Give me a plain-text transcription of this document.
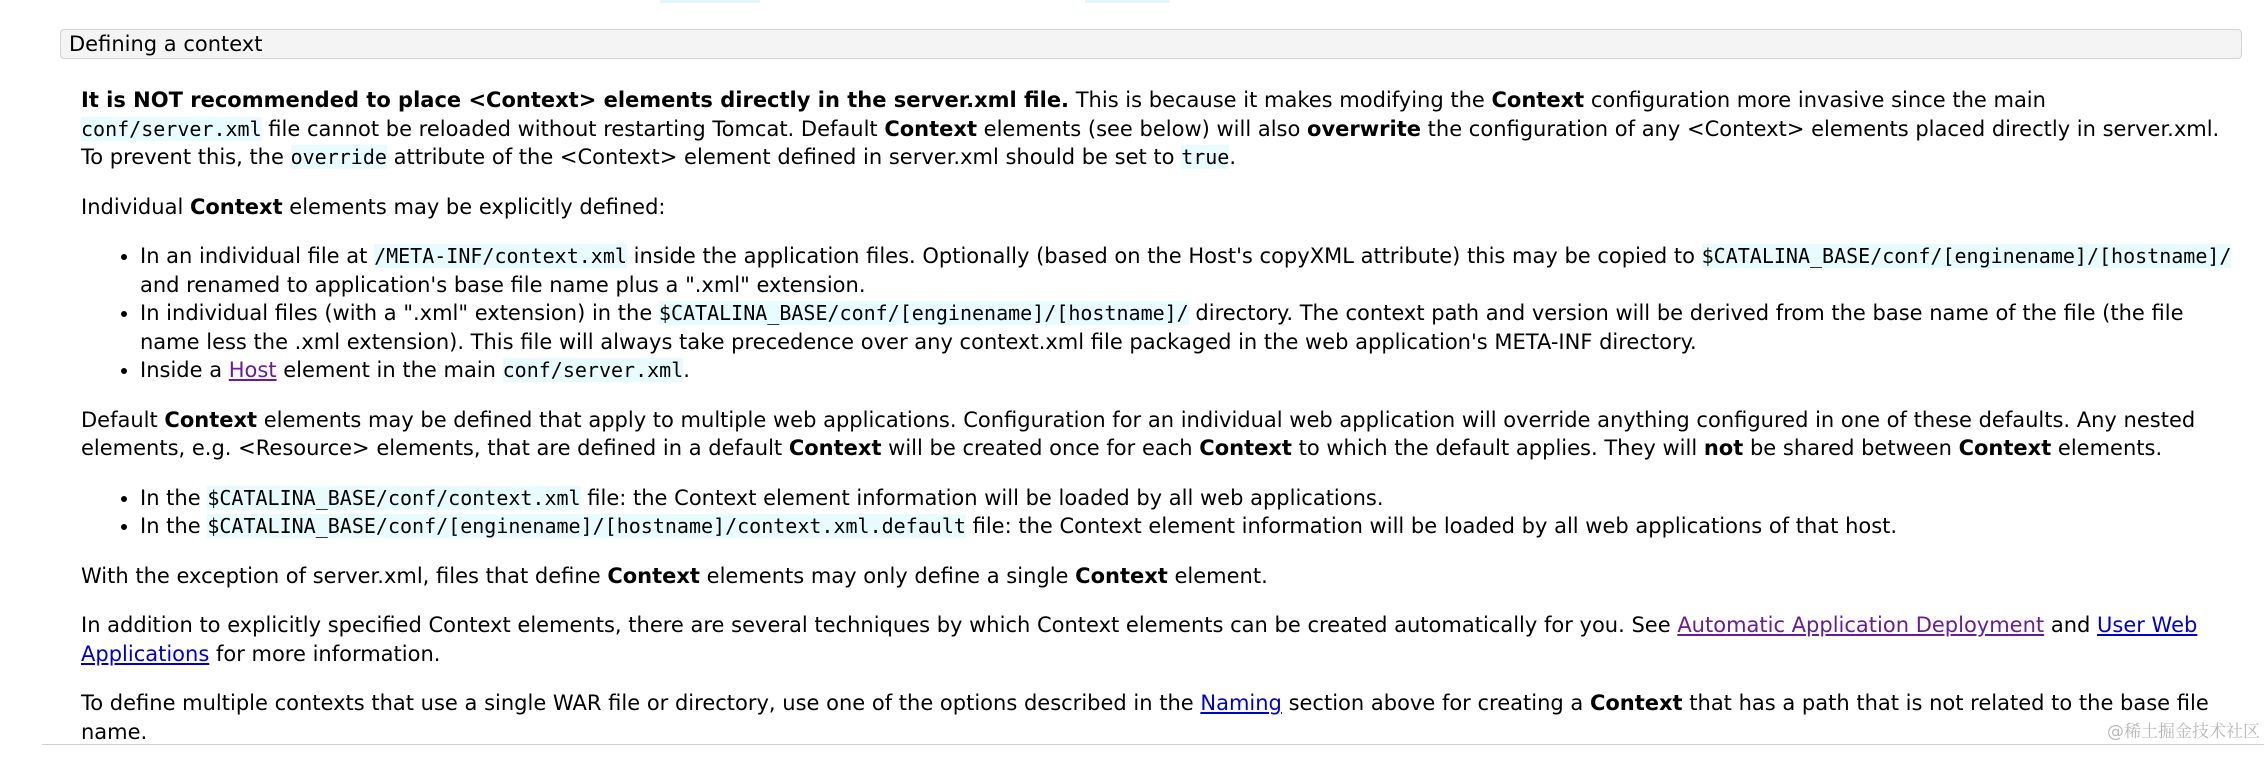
Defining a context

It is NOT recommended to place <Context> elements directly in the server.xml file. This is because it makes modifying the Context configuration more invasive since the main conf/server.xml file cannot be reloaded without restarting Tomcat. Default Context elements (see below) will also overwrite the configuration of any <Context> elements placed directly in server.xml. To prevent this, the override attribute of the <Context> element defined in server.xml should be set to true.

Individual Context elements may be explicitly defined:

• In an individual file at /META-INF/context.xml inside the application files. Optionally (based on the Host's copyXML attribute) this may be copied to $CATALINA_BASE/conf/[enginename]/[hostname]/ and renamed to application's base file name plus a ".xml" extension.
• In individual files (with a ".xml" extension) in the $CATALINA_BASE/conf/[enginename]/[hostname]/ directory. The context path and version will be derived from the base name of the file (the file name less the .xml extension). This file will always take precedence over any context.xml file packaged in the web application's META-INF directory.
• Inside a Host element in the main conf/server.xml.

Default Context elements may be defined that apply to multiple web applications. Configuration for an individual web application will override anything configured in one of these defaults. Any nested elements, e.g. <Resource> elements, that are defined in a default Context will be created once for each Context to which the default applies. They will not be shared between Context elements.

• In the $CATALINA_BASE/conf/context.xml file: the Context element information will be loaded by all web applications.
• In the $CATALINA_BASE/conf/[enginename]/[hostname]/context.xml.default file: the Context element information will be loaded by all web applications of that host.

With the exception of server.xml, files that define Context elements may only define a single Context element.

In addition to explicitly specified Context elements, there are several techniques by which Context elements can be created automatically for you. See Automatic Application Deployment and User Web Applications for more information.

To define multiple contexts that use a single WAR file or directory, use one of the options described in the Naming section above for creating a Context that has a path that is not related to the base file name.	@稀土掘金技术社区
